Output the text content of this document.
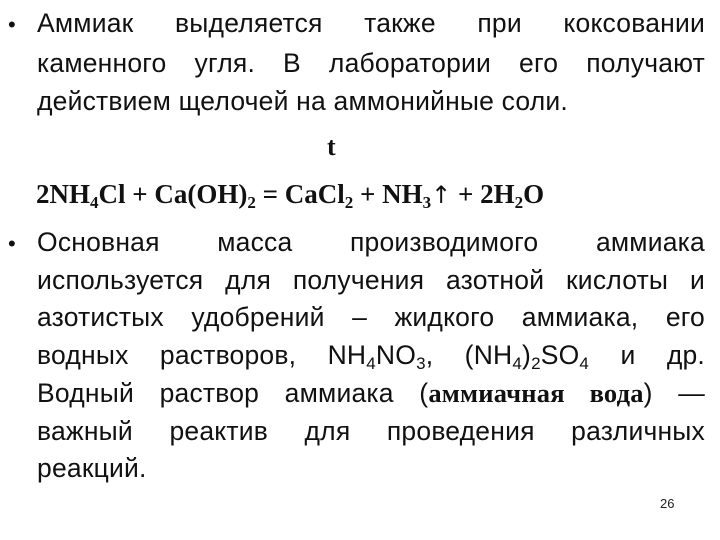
• Аммиак выделяется также при коксовании
каменного угля. В лаборатории его получают
действием щелочей на аммонийные соли.
t
$2NH_4Cl + Ca(OH)_2$ = CaCl$_2$ + $NH_3↑ + 2H_2O$
• Основная масса производимого аммиака
используется для получения азотной кислоты и
азотистых удобрений – жидкого аммиака, его
водных растворов, NH4NO3, (NH4)2SO4 и др.
Водный раствор аммиака (аммиачная вода) —
важный реактив для проведения различных
реакций.
26
